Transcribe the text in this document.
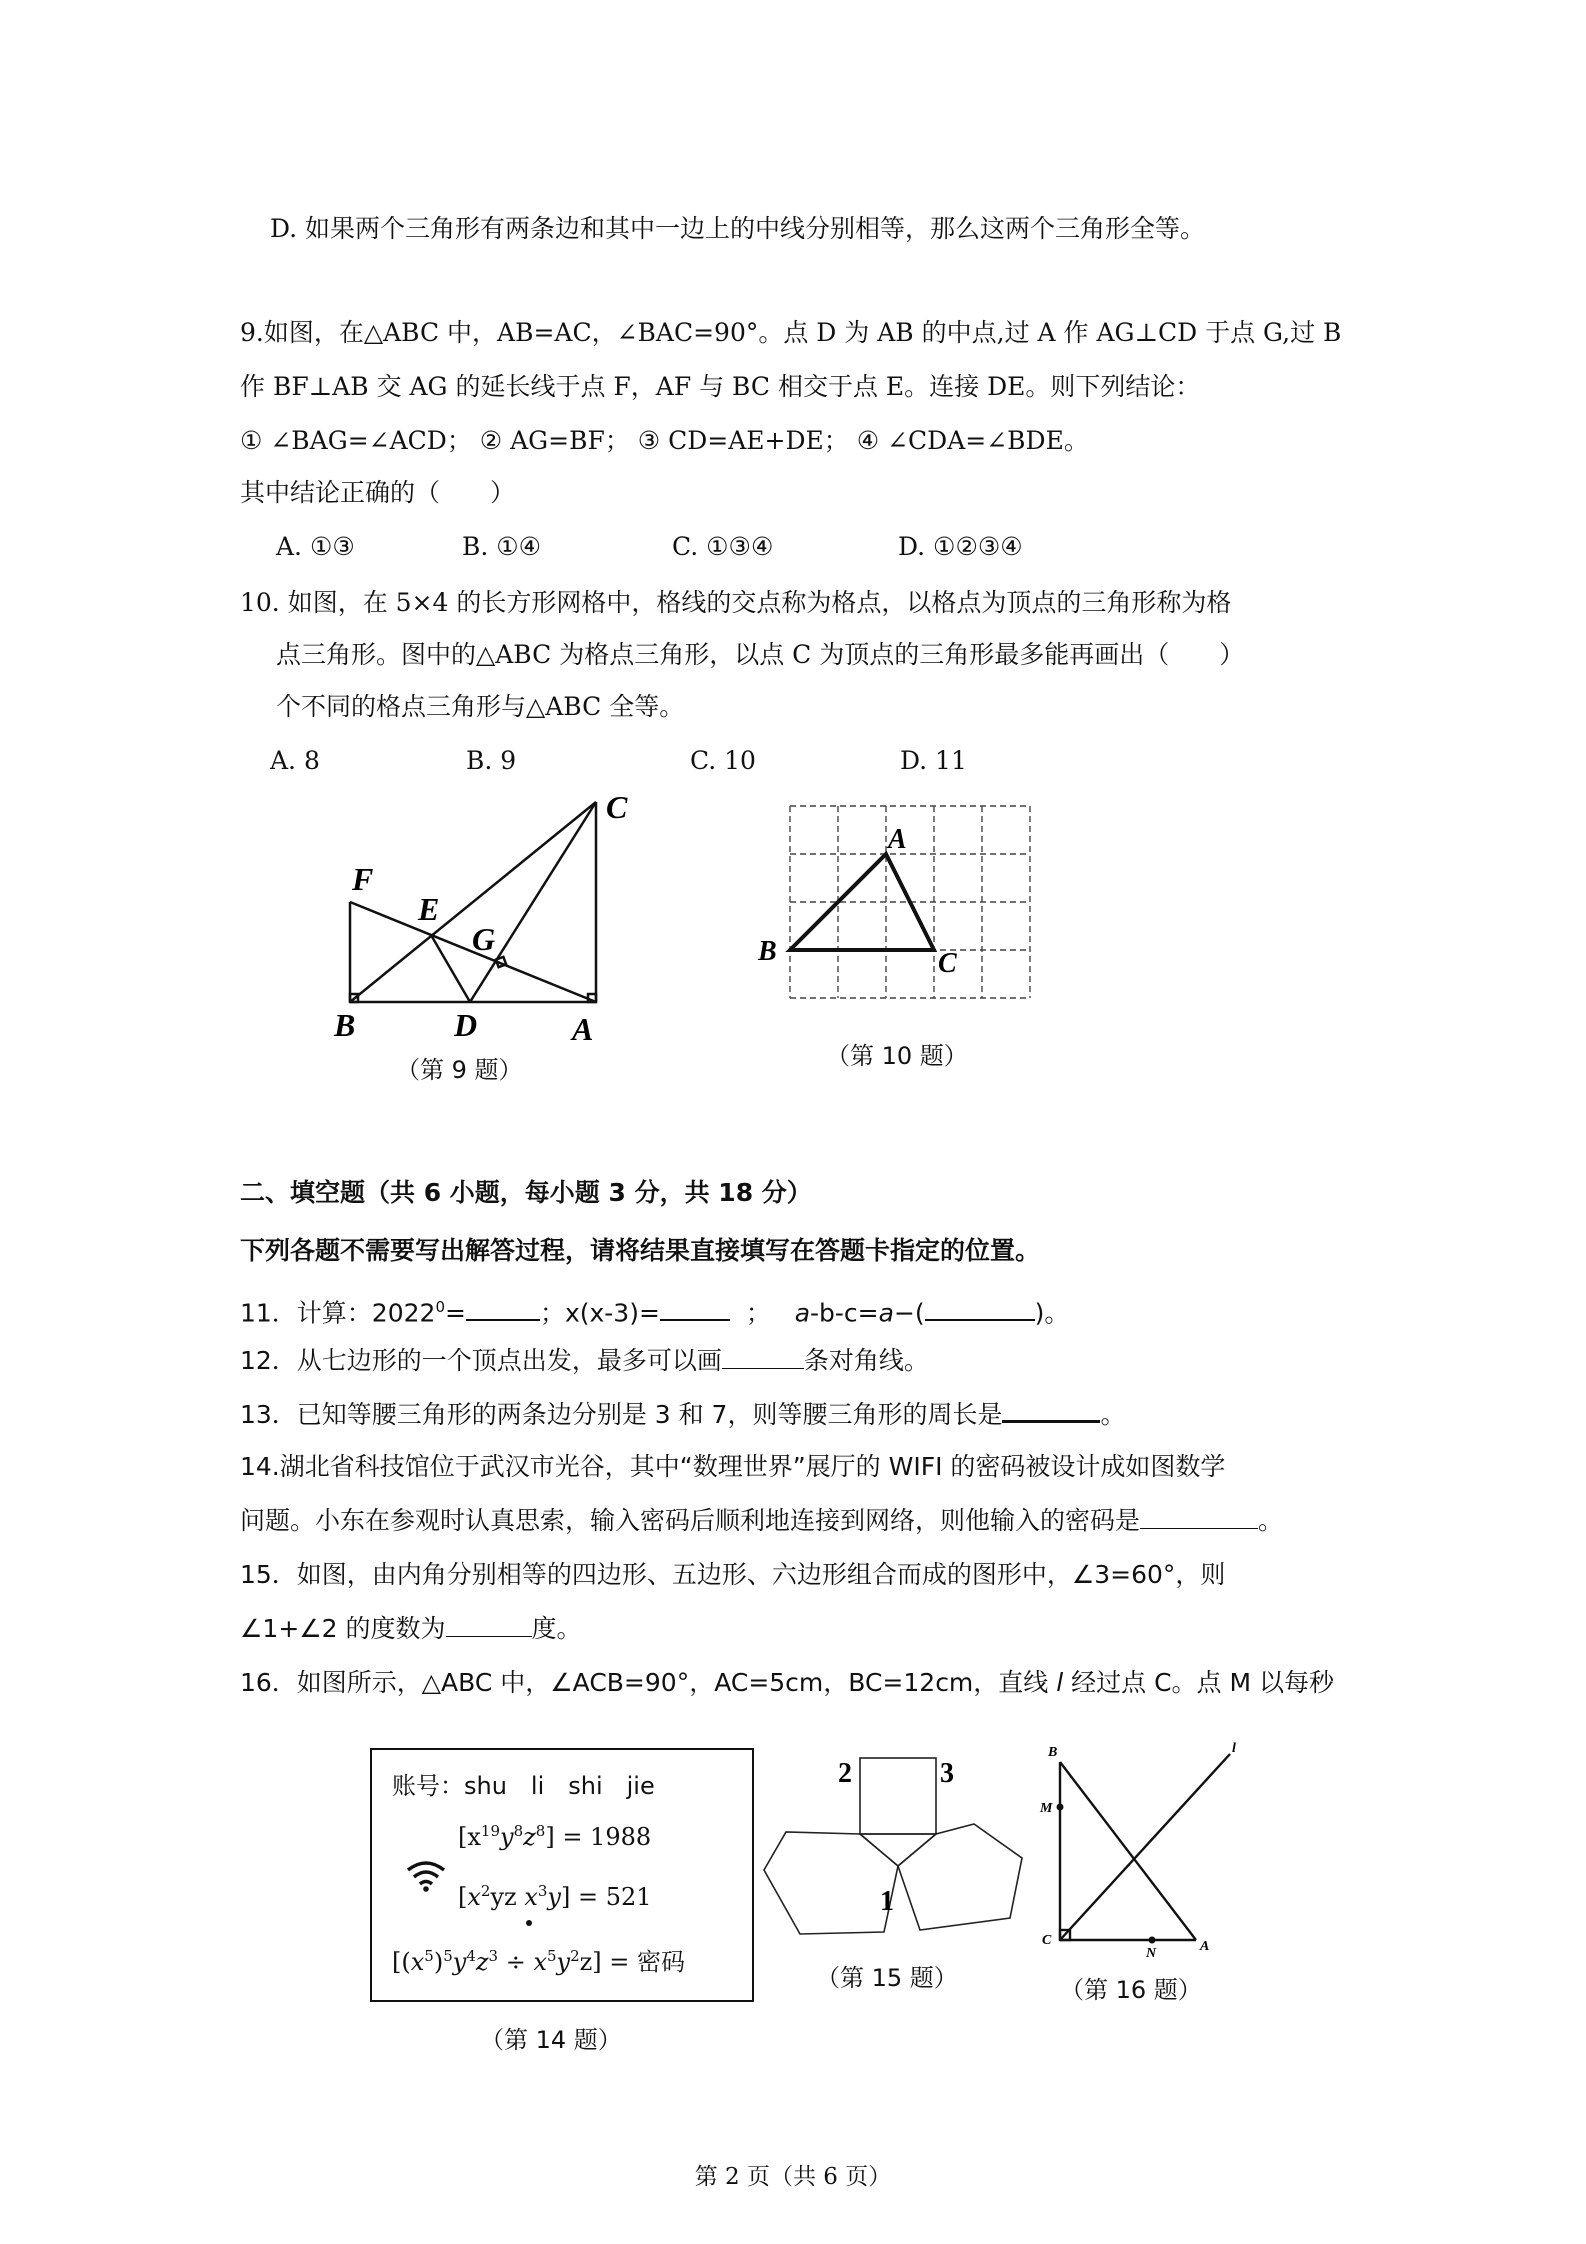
D. 如果两个三角形有两条边和其中一边上的中线分别相等，那么这两个三角形全等。
9.如图，在△ABC 中，AB=AC，∠BAC=90°。点 D 为 AB 的中点,过 A 作 AG⊥CD 于点 G,过 B
作 BF⊥AB 交 AG 的延长线于点 F，AF 与 BC 相交于点 E。连接 DE。则下列结论：
① ∠BAG=∠ACD； ② AG=BF； ③ CD=AE+DE； ④ ∠CDA=∠BDE。
其中结论正确的（　　）
A. ①③	B. ①④	C. ①③④	D. ①②③④
10. 如图，在 5×4 的长方形网格中，格线的交点称为格点，以格点为顶点的三角形称为格
点三角形。图中的△ABC 为格点三角形，以点 C 为顶点的三角形最多能再画出（　　）
个不同的格点三角形与△ABC 全等。
A. 8	B. 9	C. 10	D. 11
C
F
E
G
B	D	A
（第 9 题）
A
B	C
（第 10 题）
二、填空题（共 6 小题，每小题 3 分，共 18 分）
下列各题不需要写出解答过程，请将结果直接填写在答题卡指定的位置。
11．计算：$2022^0=$	；x(x-3)=	； a-b-c=a−(	)。
12．从七边形的一个顶点出发，最多可以画	条对角线。
13．已知等腰三角形的两条边分别是 3 和 7，则等腰三角形的周长是	。
14.湖北省科技馆位于武汉市光谷，其中“数理世界”展厅的 WIFI 的密码被设计成如图数学
问题。小东在参观时认真思索，输入密码后顺利地连接到网络，则他输入的密码是	。
15．如图，由内角分别相等的四边形、五边形、六边形组合而成的图形中，∠3=60°，则
∠1+∠2 的度数为	度。
16．如图所示，△ABC 中，∠ACB=90°，AC=5cm，BC=12cm，直线 l 经过点 C。点 M 以每秒
账号：shu　li　shi　jie
$[x^{19}y^8z^8] = 1988$
[$x^2yz$ $x^3y] = 521$
$[(x^5)^5y^4z^3 \div x^5y^2z]$ = 密码
（第 14 题）
2	3
1
（第 15 题）
B	l
M
C
N	A
（第 16 题）
第 2 页（共 6 页）
